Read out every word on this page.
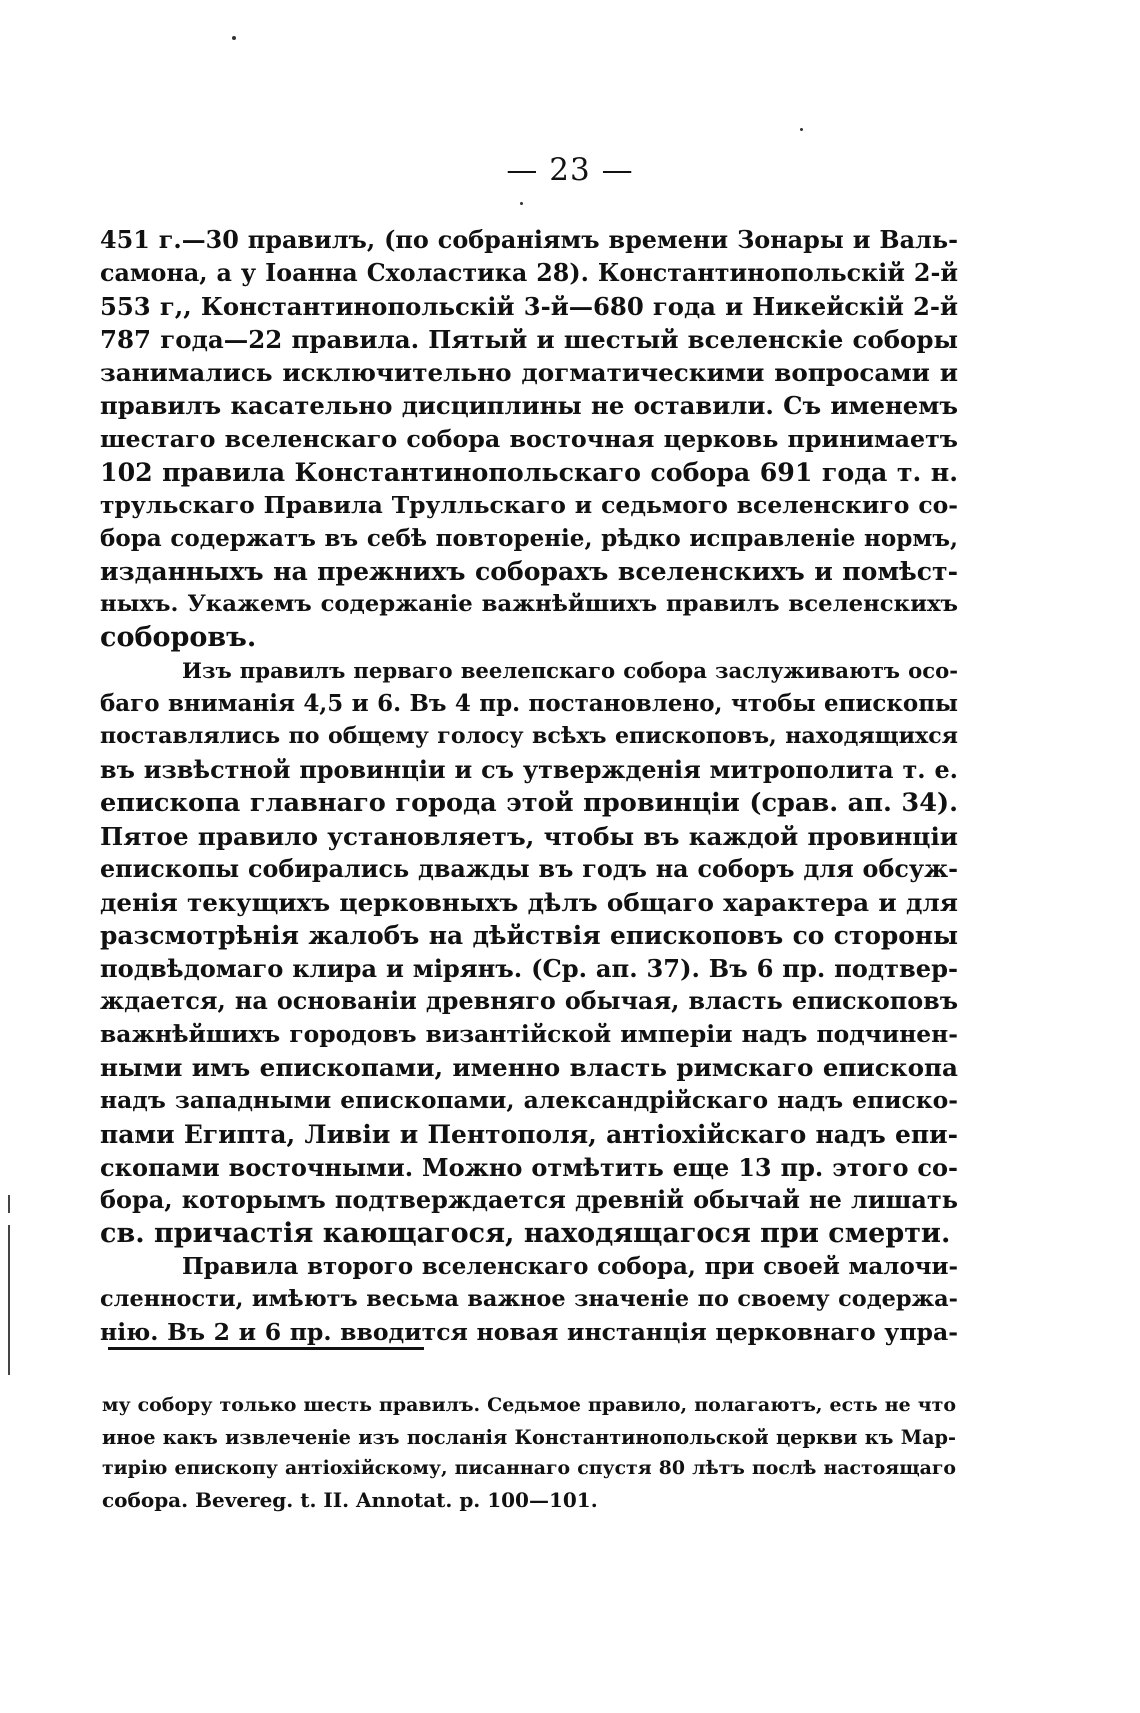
— 23 —
451 г.—30 правилъ, (по собраніямъ времени Зонары и Валь-
самона, а у Іоанна Схоластика 28). Константинопольскій 2-й
553 г,, Константинопольскій 3-й—680 года и Никейскій 2-й
787 года—22 правила. Пятый и шестый вселенскіе соборы
занимались исключительно догматическими вопросами и
правилъ касательно дисциплины не оставили. Съ именемъ
шестаго вселенскаго собора восточная церковь принимаетъ
102 правила Константинопольскаго собора 691 года т. н.
трульскаго Правила Трулльскаго и седьмого вселенскиго со-
бора содержатъ въ себѣ повтореніе, рѣдко исправленіе нормъ,
изданныхъ на прежнихъ соборахъ вселенскихъ и помѣст-
ныхъ. Укажемъ содержаніе важнѣйшихъ правилъ вселенскихъ
соборовъ.
Изъ правилъ перваго веелепскаго собора заслуживаютъ осо-
баго вниманія 4,5 и 6. Въ 4 пр. постановлено, чтобы епископы
поставлялись по общему голосу всѣхъ епископовъ, находящихся
въ извѣстной провинціи и съ утвержденія митрополита т. е.
епископа главнаго города этой провинціи (срав. ап. 34).
Пятое правило установляетъ, чтобы въ каждой провинціи
епископы собирались дважды въ годъ на соборъ для обсуж-
денія текущихъ церковныхъ дѣлъ общаго характера и для
разсмотрѣнія жалобъ на дѣйствія епископовъ со стороны
подвѣдомаго клира и мірянъ. (Ср. ап. 37). Въ 6 пр. подтвер-
ждается, на основаніи древняго обычая, власть епископовъ
важнѣйшихъ городовъ византійской имперіи надъ подчинен-
ными имъ епископами, именно власть римскаго епископа
надъ западными епископами, александрійскаго надъ еписко-
пами Египта, Ливіи и Пентополя, антіохійскаго надъ епи-
скопами восточными. Можно отмѣтить еще 13 пр. этого со-
бора, которымъ подтверждается древній обычай не лишать
св. причастія кающагося, находящагося при смерти.
Правила второго вселенскаго собора, при своей малочи-
сленности, имѣютъ весьма важное значеніе по своему содержа-
нію. Въ 2 и 6 пр. вводится новая инстанція церковнаго упра-
му собору только шесть правилъ. Седьмое правило, полагаютъ, есть не что
иное какъ извлеченіе изъ посланія Константинопольской церкви къ Мар-
тирію епископу антіохійскому, писаннаго спустя 80 лѣтъ послѣ настоящаго
собора. Bevereg. t. II. Annotat. p. 100—101.
